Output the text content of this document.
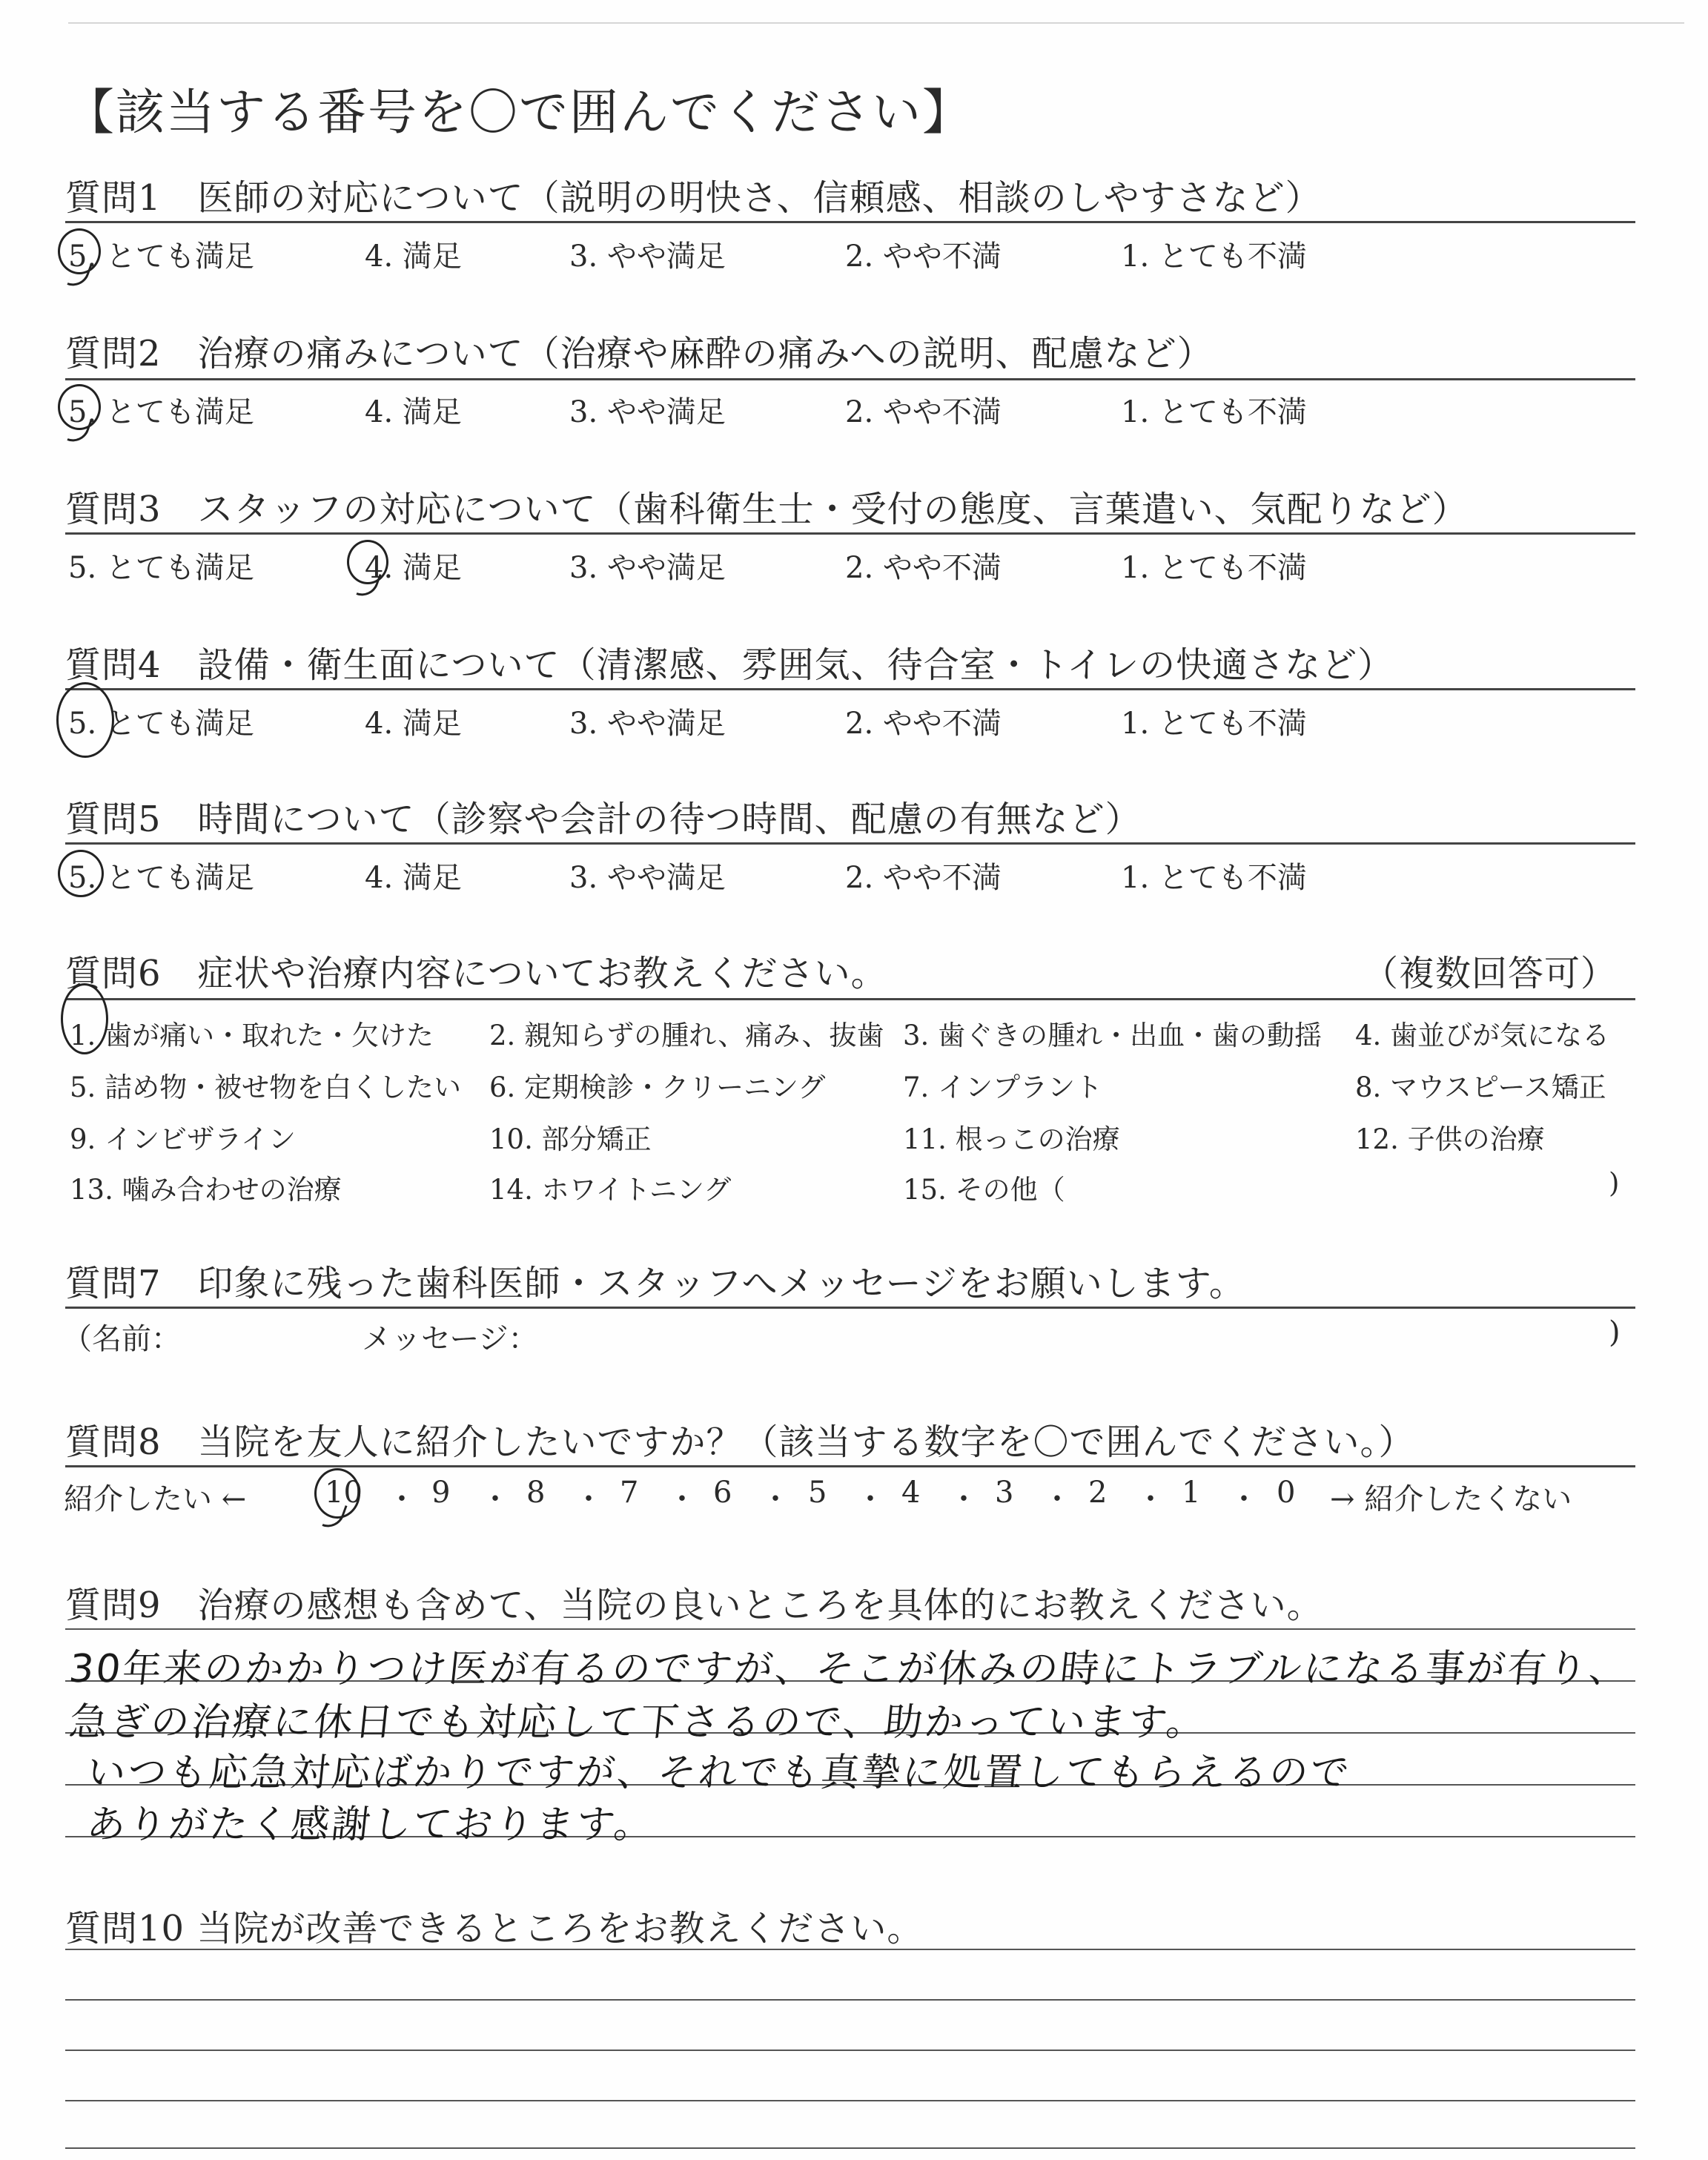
【該当する番号を〇で囲んでください】
質問1　医師の対応について（説明の明快さ、信頼感、相談のしやすさなど）
5. とても満足	4. 満足	3. やや満足	2. やや不満	1. とても不満
質問2　治療の痛みについて（治療や麻酔の痛みへの説明、配慮など）
5. とても満足	4. 満足	3. やや満足	2. やや不満	1. とても不満
質問3　スタッフの対応について（歯科衛生士・受付の態度、言葉遣い、気配りなど）
5. とても満足	4. 満足	3. やや満足	2. やや不満	1. とても不満
質問4　設備・衛生面について（清潔感、雰囲気、待合室・トイレの快適さなど）
5. とても満足	4. 満足	3. やや満足	2. やや不満	1. とても不満
質問5　時間について（診察や会計の待つ時間、配慮の有無など）
5. とても満足	4. 満足	3. やや満足	2. やや不満	1. とても不満
質問6　症状や治療内容についてお教えください。	（複数回答可）
1. 歯が痛い・取れた・欠けた 2. 親知らずの腫れ、痛み、抜歯 3. 歯ぐきの腫れ・出血・歯の動揺 4. 歯並びが気になる
5. 詰め物・被せ物を白くしたい 6. 定期検診・クリーニング	7. インプラント	8. マウスピース矯正
9. インビザライン	10. 部分矯正	11. 根っこの治療	12. 子供の治療
13. 噛み合わせの治療	14. ホワイトニング	15. その他（	)
質問7　印象に残った歯科医師・スタッフへメッセージをお願いします。
（名前：	メッセージ：	)
質問8　当院を友人に紹介したいですか？（該当する数字を〇で囲んでください。）
紹介したい ←	10 ・ 9 ・ 8 ・ 7 ・ 6 ・ 5 ・ 4 ・ 3 ・ 2 ・ 1 ・ 0 → 紹介したくない
質問9　治療の感想も含めて、当院の良いところを具体的にお教えください。
30年来のかかりつけ医が有るのですが、そこが休みの時にトラブルになる事が有り、
急ぎの治療に休日でも対応して下さるので、助かっています。
いつも応急対応ばかりですが、それでも真摯に処置してもらえるので
ありがたく感謝しております。
質問10 当院が改善できるところをお教えください。
